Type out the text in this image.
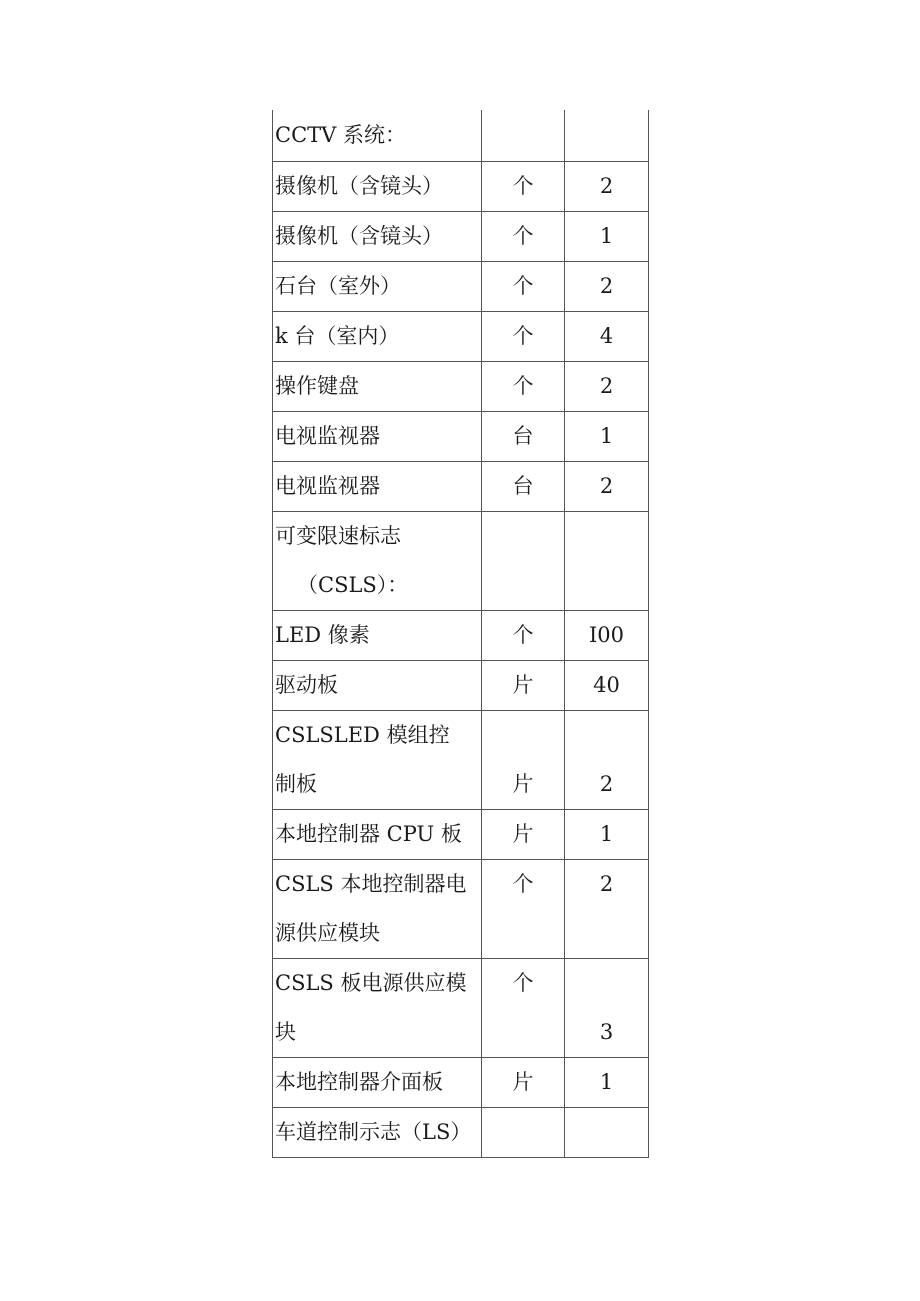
CCTV 系统：		
摄像机（含镜头）	个	2
摄像机（含镜头）	个	1
石台（室外）	个	2
k 台（室内）	个	4
操作键盘	个	2
电视监视器	台	1
电视监视器	台	2

可变限速标志
（CSLS）：		

LED 像素	个	I00
驱动板	片	40

CSLSLED 模组控
制板	片	2
本地控制器 CPU 板	片	1

CSLS 本地控制器电
源供应模块	个	2

CSLS 板电源供应模
块	个	3
本地控制器介面板	片	1
车道控制示志（LS）		
